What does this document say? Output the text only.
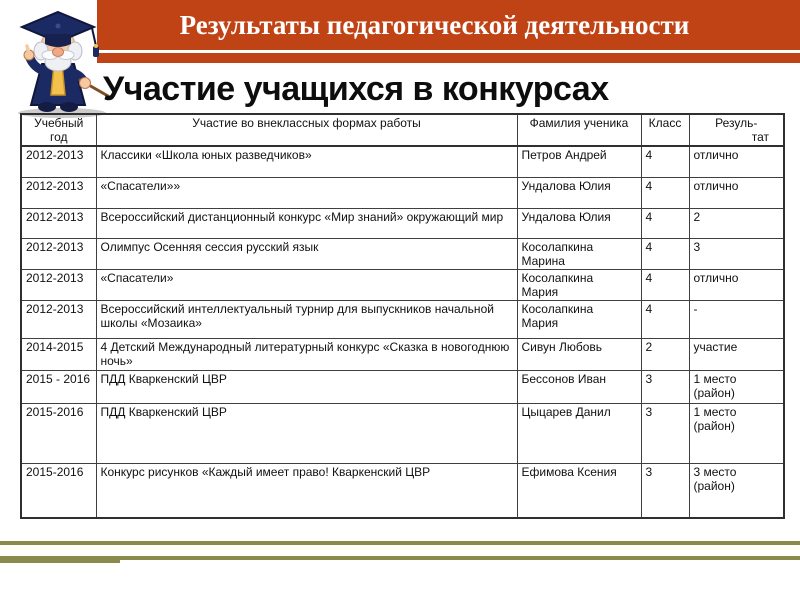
Результаты педагогической деятельности
Участие учащихся в конкурсах
Учебный год	Участие во внеклассных формах работы	Фамилия ученика	Класс	Резуль-
тат

2012-2013	Классики «Школа юных разведчиков»	Петров Андрей	4	отлично
2012-2013	«Спасатели»»	Ундалова Юлия	4	отлично
2012-2013	Всероссийский дистанционный конкурс «Мир знаний» окружающий мир	Ундалова Юлия	4	2
2012-2013	Олимпус Осенняя сессия русский язык	Косолапкина Марина	4	3
2012-2013	«Спасатели»	Косолапкина Мария	4	отлично
2012-2013	Всероссийский интеллектуальный турнир для выпускников начальной школы «Мозаика»	Косолапкина Мария	4	-
2014-2015	4 Детский Международный литературный конкурс «Сказка в новогоднюю ночь»	Сивун Любовь	2	участие
2015 - 2016	ПДД Кваркенский ЦВР	Бессонов Иван	3	1 место (район)
2015-2016	ПДД Кваркенский ЦВР	Цыцарев Данил	3	1 место (район)
2015-2016	Конкурс рисунков «Каждый имеет право! Кваркенский ЦВР	Ефимова Ксения	3	3 место (район)
